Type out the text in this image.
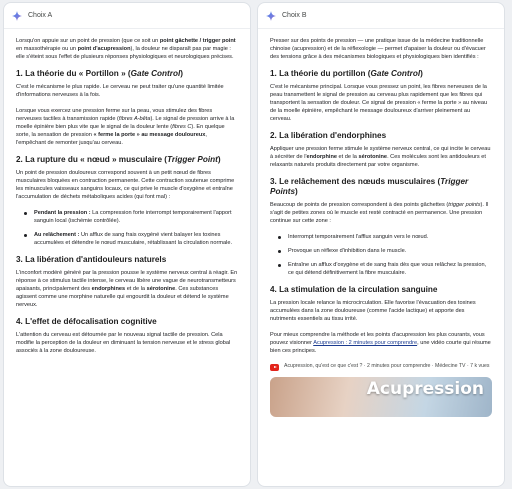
Choix A

Lorsqu'on appuie sur un point de pression (que ce soit un point gâchette / trigger point en massothérapie ou un point d'acupression), la douleur ne disparaît pas par magie : elle s'éteint sous l'effet de plusieurs réponses physiologiques et neurologiques précises.

1. La théorie du « Portillon » (Gate Control)

C'est le mécanisme le plus rapide. Le cerveau ne peut traiter qu'une quantité limitée d'informations nerveuses à la fois.

Lorsque vous exercez une pression ferme sur la peau, vous stimulez des fibres nerveuses tactiles à transmission rapide (fibres A-bêta). Le signal de pression arrive à la moelle épinière bien plus vite que le signal de la douleur lente (fibres C). En quelque sorte, la sensation de pression « ferme la porte » au message douloureux, l'empêchant de remonter jusqu'au cerveau.

2. La rupture du « nœud » musculaire (Trigger Point)

Un point de pression douloureux correspond souvent à un petit nœud de fibres musculaires bloquées en contraction permanente. Cette contraction soutenue comprime les minuscules vaisseaux sanguins locaux, ce qui prive le muscle d'oxygène et entraîne l'accumulation de déchets métaboliques acides (qui font mal) :

Pendant la pression : La compression forte interrompt temporairement l'apport sanguin local (ischémie contrôlée).
Au relâchement : Un afflux de sang frais oxygéné vient balayer les toxines accumulées et détendre le nœud musculaire, rétablissant la circulation normale.
3. La libération d'antidouleurs naturels

L'inconfort modéré généré par la pression pousse le système nerveux central à réagir. En réponse à ce stimulus tactile intense, le cerveau libère une vague de neurotransmetteurs apaisants, principalement des endorphines et de la sérotonine. Ces substances agissent comme une morphine naturelle qui engourdit la douleur et détend le système nerveux.

4. L'effet de défocalisation cognitive

L'attention du cerveau est détournée par le nouveau signal tactile de pression. Cela modifie la perception de la douleur en diminuant la tension nerveuse et le stress global associés à la zone douloureuse.

Choix B

Presser sur des points de pression — une pratique issue de la médecine traditionnelle chinoise (acupression) et de la réflexologie — permet d'apaiser la douleur ou d'évacuer des tensions grâce à des mécanismes biologiques et physiologiques bien identifiés :

1. La théorie du portillon (Gate Control)

C'est le mécanisme principal. Lorsque vous pressez un point, les fibres nerveuses de la peau transmettent le signal de pression au cerveau plus rapidement que les fibres qui transportent la sensation de douleur. Ce signal de pression « ferme la porte » au niveau de la moelle épinière, empêchant le message douloureux d'arriver pleinement au cerveau.

2. La libération d'endorphines

Appliquer une pression ferme stimule le système nerveux central, ce qui incite le cerveau à sécréter de l'endorphine et de la sérotonine. Ces molécules sont les antidouleurs et relaxants naturels produits directement par votre organisme.

3. Le relâchement des nœuds musculaires (Trigger Points)

Beaucoup de points de pression correspondent à des points gâchettes (trigger points). Il s'agit de petites zones où le muscle est resté contracté en permanence. Une pression continue sur cette zone :

Interrompt temporairement l'afflux sanguin vers le nœud.
Provoque un réflexe d'inhibition dans le muscle.
Entraîne un afflux d'oxygène et de sang frais dès que vous relâchez la pression, ce qui détend définitivement la fibre musculaire.
4. La stimulation de la circulation sanguine

La pression locale relance la microcirculation. Elle favorise l'évacuation des toxines accumulées dans la zone douloureuse (comme l'acide lactique) et apporte des nutriments essentiels au tissu irrité.

Pour mieux comprendre la méthode et les points d'acupression les plus courants, vous pouvez visionner Acupression : 2 minutes pour comprendre, une vidéo courte qui résume bien ces principes.

Acupression, qu'est ce que c'est ? · 2 minutes pour comprendre · Médecine TV · 7 k vues
Acupression
